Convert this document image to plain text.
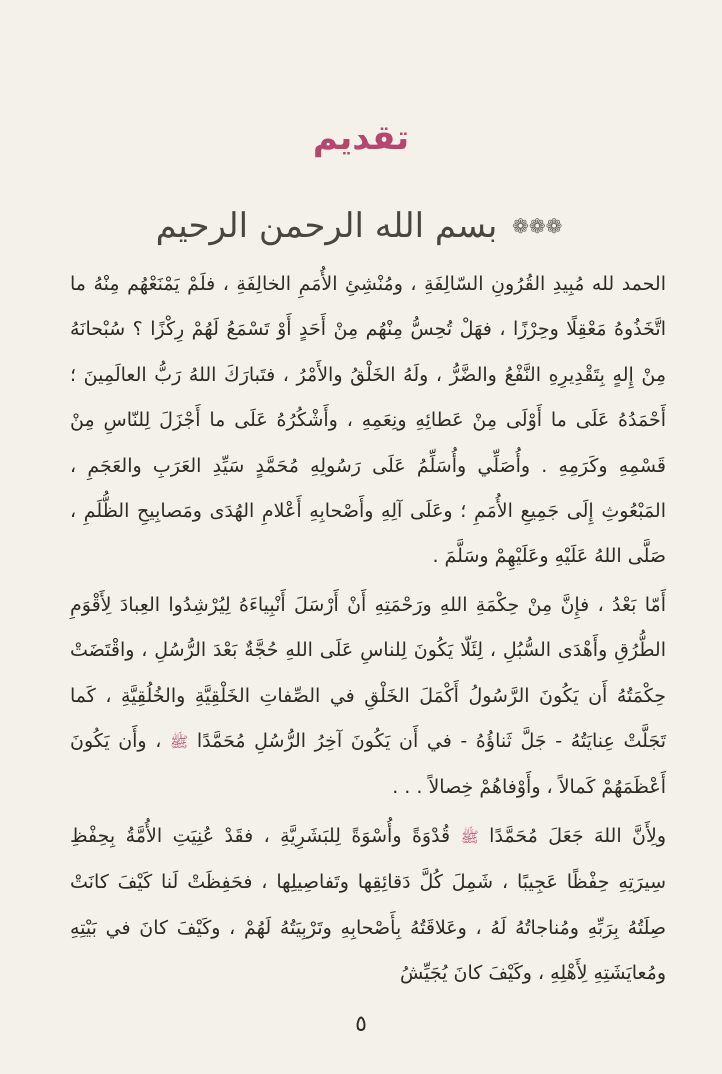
تقديم
❁❁❁ بسم الله الرحمن الرحيم

الحمد لله مُبِيدِ القُرُونِ السّالِفَةِ ، ومُنْشِئِ الأُمَمِ الخالِفَةِ ، فلَمْ يَمْنَعْهُم مِنْهُ ما اتَّخَذُوهُ مَعْقِلًا وحِرْزًا ، فهَلْ تُحِسُّ مِنْهُم مِنْ أَحَدٍ أَوْ تَسْمَعُ لَهُمْ رِكْزًا ؟ سُبْحانَهُ مِنْ إِلهٍ بِتَقْدِيرِهِ النَّفْعُ والضَّرُّ ، ولَهُ الخَلْقُ والأَمْرُ ، فتَبارَكَ اللهُ رَبُّ العالَمِينَ ؛ أَحْمَدُهُ عَلَى ما أَوْلَى مِنْ عَطائِهِ ونِعَمِهِ ، وأَشْكُرُهُ عَلَى ما أَجْزَلَ لِلنّاسِ مِنْ قَسْمِهِ وكَرَمِهِ . وأُصَلِّي وأُسَلِّمُ عَلَى رَسُولِهِ مُحَمَّدٍ سَيِّدِ العَرَبِ والعَجَمِ ، المَبْعُوثِ إِلَى جَمِيعِ الأُمَمِ ؛ وعَلَى آلِهِ وأَصْحابِهِ أَعْلامِ الهُدَى ومَصابِيحِ الظُّلَمِ ، صَلَّى اللهُ عَلَيْهِ وعَلَيْهِمْ وسَلَّمَ .

أَمّا بَعْدُ ، فإِنَّ مِنْ حِكْمَةِ اللهِ ورَحْمَتِهِ أَنْ أَرْسَلَ أَنْبِياءَهُ لِيُرْشِدُوا العِبادَ لِأَقْوَمِ الطُّرُقِ وأَهْدَى السُّبُلِ ، لِئَلّا يَكُونَ لِلناسِ عَلَى اللهِ حُجَّةٌ بَعْدَ الرُّسُلِ ، واقْتَضَتْ حِكْمَتُهُ أَن يَكُونَ الرَّسُولُ أَكْمَلَ الخَلْقِ في الصِّفاتِ الخَلْقِيَّةِ والخُلُقِيَّةِ ، كَما تَجَلَّتْ عِنايَتُهُ - جَلَّ ثَناؤُهُ - في أَن يَكُونَ آخِرُ الرُّسُلِ مُحَمَّدًا ﷺ ، وأَن يَكُونَ أَعْظَمَهُمْ كَمالاً ، وأَوْفاهُمْ خِصالاً . . .

ولِأَنَّ اللهَ جَعَلَ مُحَمَّدًا ﷺ قُدْوَةً وأُسْوَةً لِلبَشَرِيَّةِ ، فقَدْ عُنِيَتِ الأُمَّةُ بِحِفْظِ سِيرَتِهِ حِفْظًا عَجِيبًا ، شَمِلَ كُلَّ دَقائِقِها وتَفاصِيلِها ، فحَفِظَتْ لَنا كَيْفَ كانَتْ صِلَتُهُ بِرَبِّهِ ومُناجاتُهُ لَهُ ، وعَلاقَتُهُ بِأَصْحابِهِ وتَرْبِيَتُهُ لَهُمْ ، وكَيْفَ كانَ في بَيْتِهِ ومُعايَشَتِهِ لِأَهْلِهِ ، وكَيْفَ كانَ يُجَيِّشُ

٥
